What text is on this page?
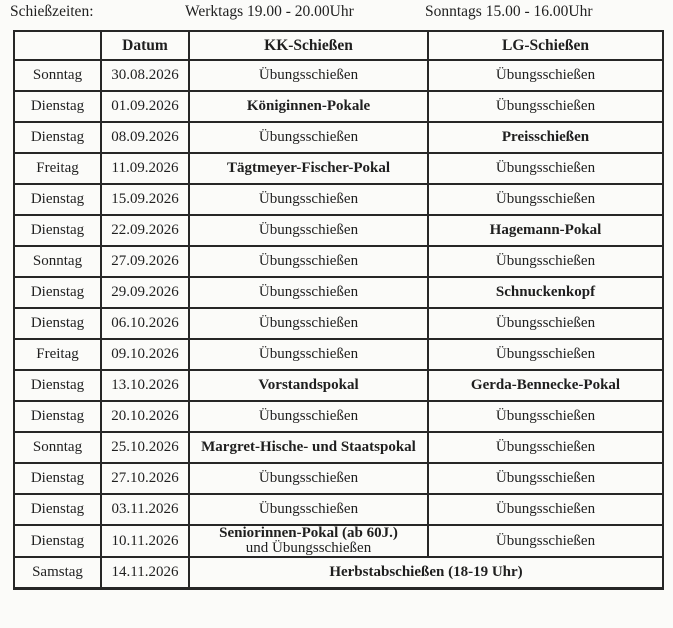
Schießzeiten:	Werktags 19.00 - 20.00Uhr	Sonntags 15.00 - 16.00Uhr
	Datum	KK-Schießen	LG-Schießen
Sonntag	30.08.2026	Übungsschießen	Übungsschießen
Dienstag	01.09.2026	Königinnen-Pokale	Übungsschießen
Dienstag	08.09.2026	Übungsschießen	Preisschießen
Freitag	11.09.2026	Tägtmeyer-Fischer-Pokal	Übungsschießen
Dienstag	15.09.2026	Übungsschießen	Übungsschießen
Dienstag	22.09.2026	Übungsschießen	Hagemann-Pokal
Sonntag	27.09.2026	Übungsschießen	Übungsschießen
Dienstag	29.09.2026	Übungsschießen	Schnuckenkopf
Dienstag	06.10.2026	Übungsschießen	Übungsschießen
Freitag	09.10.2026	Übungsschießen	Übungsschießen
Dienstag	13.10.2026	Vorstandspokal	Gerda-Bennecke-Pokal
Dienstag	20.10.2026	Übungsschießen	Übungsschießen
Sonntag	25.10.2026	Margret-Hische- und Staatspokal	Übungsschießen
Dienstag	27.10.2026	Übungsschießen	Übungsschießen
Dienstag	03.11.2026	Übungsschießen	Übungsschießen
Dienstag	10.11.2026	Seniorinnen-Pokal (ab 60J.)
und Übungsschießen	Übungsschießen
Samstag	14.11.2026	Herbstabschießen (18-19 Uhr)	
